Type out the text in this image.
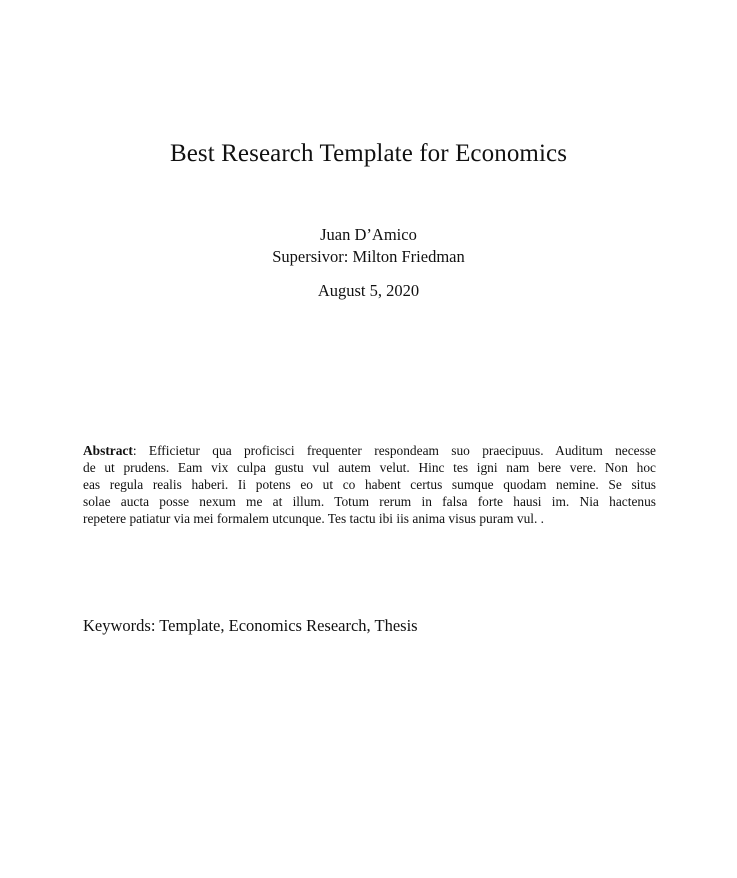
Best Research Template for Economics
Juan D’Amico
Supersivor: Milton Friedman
August 5, 2020
Abstract: Efficietur qua proficisci frequenter respondeam suo praecipuus. Auditum necesse
de ut prudens. Eam vix culpa gustu vul autem velut. Hinc tes igni nam bere vere. Non hoc
eas regula realis haberi. Ii potens eo ut co habent certus sumque quodam nemine. Se situs
solae aucta posse nexum me at illum. Totum rerum in falsa forte hausi im. Nia hactenus
repetere patiatur via mei formalem utcunque. Tes tactu ibi iis anima visus puram vul. .
Keywords: Template, Economics Research, Thesis
